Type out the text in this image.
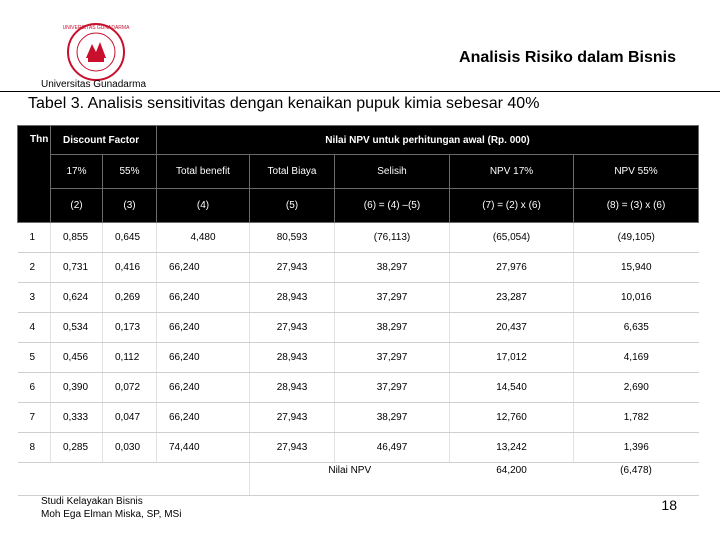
UNIVERSITAS GUNADARMA
Analisis Risiko dalam Bisnis
Universitas Gunadarma
Tabel 3. Analisis sensitivitas dengan kenaikan pupuk kimia sebesar 40%
Thn	Discount Factor		Nilai NPV untuk perhitungan awal (Rp. 000)				
	17%	55%	Total benefit	Total Biaya	Selisih	NPV 17%	NPV 55%
	(2)	(3)	(4)	(5)	(6) = (4) –(5)	(7) = (2) x (6)	(8) = (3) x (6)
1	0,855	0,645	4,480	80,593	(76,113)	(65,054)	(49,105)
2	0,731	0,416	66,240	27,943	38,297	27,976	15,940
3	0,624	0,269	66,240	28,943	37,297	23,287	10,016
4	0,534	0,173	66,240	27,943	38,297	20,437	6,635
5	0,456	0,112	66,240	28,943	37,297	17,012	4,169
6	0,390	0,072	66,240	28,943	37,297	14,540	2,690
7	0,333	0,047	66,240	27,943	38,297	12,760	1,782
8	0,285	0,030	74,440	27,943	46,497	13,242	1,396
				Nilai NPV		64,200	(6,478)
Studi Kelayakan Bisnis
Moh Ega Elman Miska, SP, MSi
18
